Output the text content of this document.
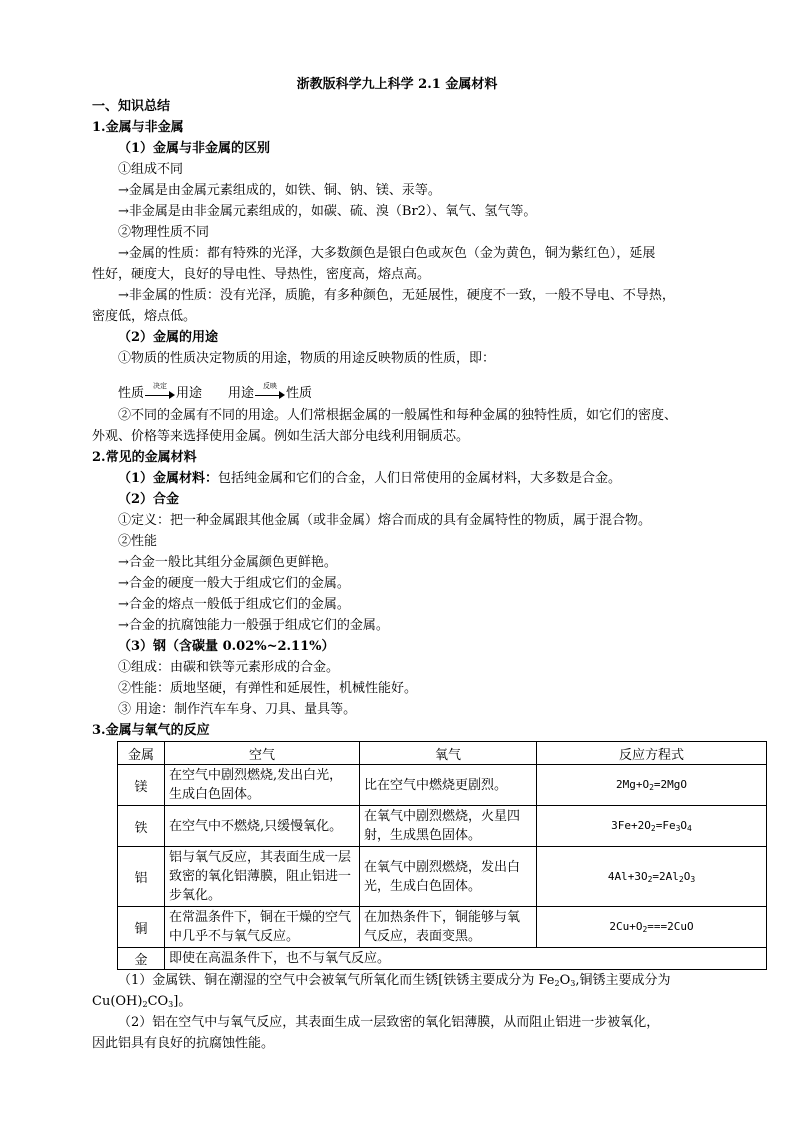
浙教版科学九上科学 2.1 金属材料
一、知识总结
1.金属与非金属
（1）金属与非金属的区别
①组成不同
→金属是由金属元素组成的，如铁、铜、钠、镁、汞等。
→非金属是由非金属元素组成的，如碳、硫、溴（Br2）、氧气、氢气等。
②物理性质不同
→金属的性质：都有特殊的光泽，大多数颜色是银白色或灰色（金为黄色，铜为紫红色），延展
性好，硬度大，良好的导电性、导热性，密度高，熔点高。
→非金属的性质：没有光泽，质脆，有多种颜色，无延展性，硬度不一致，一般不导电、不导热，
密度低，熔点低。
（2）金属的用途
①物质的性质决定物质的用途，物质的用途反映物质的性质，即：
性质	决定 用途 用途	反映 性质
②不同的金属有不同的用途。人们常根据金属的一般属性和每种金属的独特性质，如它们的密度、
外观、价格等来选择使用金属。例如生活大部分电线利用铜质芯。
2.常见的金属材料
（1）金属材料：包括纯金属和它们的合金，人们日常使用的金属材料，大多数是合金。
（2）合金
①定义：把一种金属跟其他金属（或非金属）熔合而成的具有金属特性的物质，属于混合物。
②性能
→合金一般比其组分金属颜色更鲜艳。
→合金的硬度一般大于组成它们的金属。
→合金的熔点一般低于组成它们的金属。
→合金的抗腐蚀能力一般强于组成它们的金属。
（3）钢（含碳量 0.02%~2.11%）
①组成：由碳和铁等元素形成的合金。
②性能：质地坚硬，有弹性和延展性，机械性能好。
③ 用途：制作汽车车身、刀具、量具等。
3.金属与氧气的反应
金属	空气	氧气	反应方程式
镁	在空气中剧烈燃烧,发出白光，生成白色固体。	比在空气中燃烧更剧烈。	$2Mg+O_2=2MgO$
铁	在空气中不燃烧,只缓慢氧化。	在氧气中剧烈燃烧，火星四射，生成黑色固体。	$3Fe+2O_2=Fe_3O_4$
铝	铝与氧气反应，其表面生成一层致密的氧化铝薄膜，阻止铝进一步氧化。	在氧气中剧烈燃烧，发出白光，生成白色固体。	$4Al+3O_2=2Al_2O_3$
铜	在常温条件下，铜在干燥的空气中几乎不与氧气反应。	在加热条件下，铜能够与氧气反应，表面变黑。	$2Cu+O_2===2CuO$
金	即使在高温条件下，也不与氧气反应。		
（1）金属铁、铜在潮湿的空气中会被氧气所氧化而生锈[铁锈主要成分为 $Fe_2O_3$,铜锈主要成分为
$Cu(OH)_2CO_3$]。
（2）铝在空气中与氧气反应，其表面生成一层致密的氧化铝薄膜，从而阻止铝进一步被氧化，
因此铝具有良好的抗腐蚀性能。
